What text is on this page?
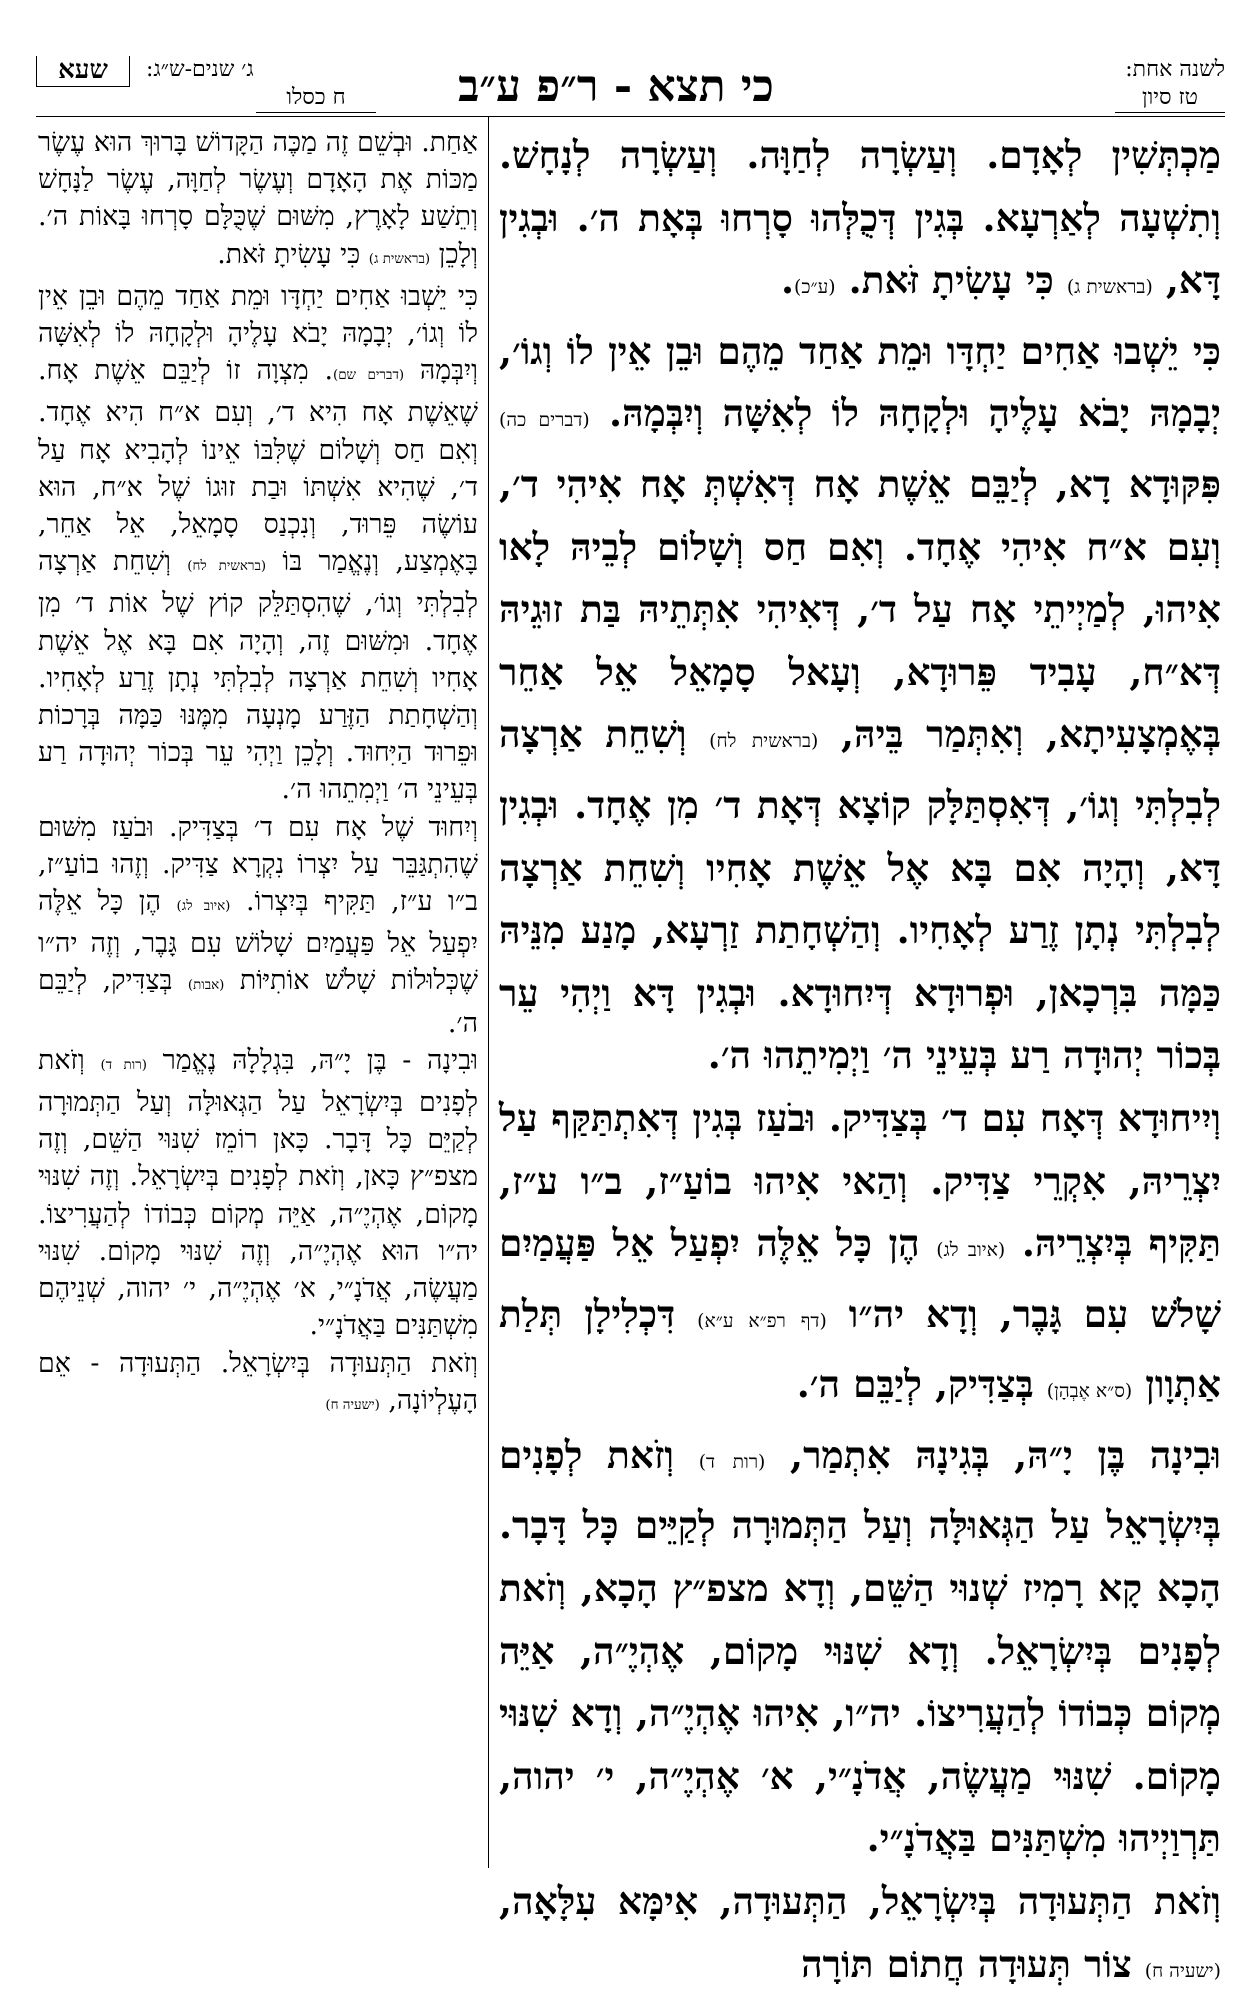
לשנה אחת:
טז סיון
כי תצא - ר״פ ע״ב
ג׳ שנים-ש״ג:
ח כסלו
שעא

מַכְתְּשִׁין לְאָדָם. וְעַשְׂרָה לְחַוָּה. וְעַשְׂרָה לְנָחָשׁ. וְתִשְׁעָה לְאַרְעָא. בְּגִין דְּכֻלְּהוּ סָרְחוּ בְּאָת ה׳. וּבְגִין דָּא, (בראשית ג) כִּי עָשִׂיתָ זֹּאת. (ע״כ).

כִּי יֵשְׁבוּ אַחִים יַחְדָּו וּמֵת אַחַד מֵהֶם וּבֵן אֵין לוֹ וְגוֹ׳, יְבָמָהּ יָבֹא עָלֶיהָ וּלְקָחָהּ לוֹ לְאִשָּׁה וְיִבְּמָהּ. (דברים כה) פִּקּוּדָא דָא, לְיַבֵּם אֵשֶׁת אָח דְּאִשְׁתְּ אָח אִיהִי ד׳, וְעִם א״ח אִיהִי אֶחָד. וְאִם חַס וְשָׁלוֹם לְבֵיהּ לָאו אִיהוּ, לְמַיְיתֵי אָח עַל ד׳, דְּאִיהִי אִתְּתֵיהּ בַּת זוּגֵיהּ דְּא״ח, עָבִיד פֵּרוּדָא, וְעָאל סָמָאֵל אֵל אַחֵר בְּאֶמְצָעִיתָא, וְאִתְּמַר בֵּיהּ, (בראשית לח) וְשִׁחֵת אַרְצָה לְבִלְתִּי וְגוֹ׳, דְּאִסְתַּלָּק קוֹצָא דְּאָת ד׳ מִן אֶחָד. וּבְגִין דָּא, וְהָיָה אִם בָּא אֶל אֵשֶׁת אָחִיו וְשִׁחֵת אַרְצָה לְבִלְתִּי נְתָן זֶרַע לְאָחִיו. וְהַשְׁחָתַת זַרְעָא, מָנַע מִנֵּיהּ כַּמָּה בִּרְכָאן, וּפְרוּדָא דְּיִחוּדָא. וּבְגִין דָּא וַיְהִי עֵר בְּכוֹר יְהוּדָה רַע בְּעֵינֵי ה׳ וַיְמִיתֵהוּ ה׳.

וְיִיחוּדָא דְּאָח עִם ד׳ בְּצַדִּיק. וּבֹעַז בְּגִין דְּאִתְתַּקַּף עַל יִצְרֵיהּ, אִקְרֵי צַדִּיק. וְהַאי אִיהוּ בוֹעַ״ז, ב״ו ע״ז, תַּקִּיף בְּיִצְרֵיהּ. (איוב לג) הֶן כָּל אֵלֶּה יִפְעַל אֵל פַּעֲמַיִם שָׁלֹשׁ עִם גָּבֶר, וְדָא יה״ו (דף רפ״א ע״א) דִּכְלִילָן תְּלַת אַתְוָון (ס״א אֶבְהָן) בְּצַדִּיק, לְיַבֵּם ה׳.

וּבִינָה בֶּן יָ״הּ, בְּגִינָהּ אִתְמַר, (רות ד) וְזֹאת לְפָנִים בְּיִשְׂרָאֵל עַל הַגְּאוּלָּה וְעַל הַתְּמוּרָה לְקַיֵּים כָּל דָּבָר. הָכָא קָא רָמִיז שְׁנוּי הַשֵּׁם, וְדָא מצפ״ץ הָכָא, וְזֹאת לְפָנִים בְּיִשְׂרָאֵל. וְדָא שִׁנּוּי מָקוֹם, אֶהְיֶ״ה, אַיֵּה מְקוֹם כְּבוֹדוֹ לְהַעֲרִיצוֹ. יה״ו, אִיהוּ אֶהְיֶ״ה, וְדָא שִׁנּוּי מָקוֹם. שִׁנּוּי מַעֲשֶׂה, אֲדֹנָ״י, א׳ אֶהְיֶ״ה, י׳ יהוה, תַּרְוַיְיהוּ מִשְׁתַּנִּים בַּאֲדֹנָ״י.

וְזֹאת הַתְּעוּדָה בְּיִשְׂרָאֵל, הַתְּעוּדָה, אִימָּא עִלָּאָה, (ישעיה ח) צוֹר תְּעוּדָה חֲתוֹם תּוֹרָה

אַחַת. וּבְשֵׁם זֶה מַכֶּה הַקָּדוֹשׁ בָּרוּךְ הוּא עֶשֶׂר מַכּוֹת אֶת הָאָדָם וְעֶשֶׂר לְחַוָּה, עֶשֶׂר לַנָּחָשׁ וְתֵשַׁע לָאָרֶץ, מִשּׁוּם שֶׁכֻּלָּם סָרְחוּ בָּאוֹת ה׳. וְלָכֵן (בראשית ג) כִּי עָשִׂיתָ זֹּאת.

כִּי יֵשְׁבוּ אַחִים יַחְדָּו וּמֵת אַחַד מֵהֶם וּבֵן אֵין לוֹ וְגוֹ׳, יְבָמָהּ יָבֹא עָלֶיהָ וּלְקָחָהּ לוֹ לְאִשָּׁה וְיִבְּמָהּ (דברים שם). מִצְוָה זוֹ לְיַבֵּם אֵשֶׁת אָח. שֶׁאֵשֶׁת אָח הִיא ד׳, וְעִם א״ח הִיא אֶחָד. וְאִם חַס וְשָׁלוֹם שֶׁלִּבּוֹ אֵינוֹ לְהָבִיא אָח עַל ד׳, שֶׁהִיא אִשְׁתּוֹ וּבַת זוּגוֹ שֶׁל א״ח, הוּא עוֹשֶׂה פֵּרוּד, וְנִכְנַס סָמָאֵל, אֵל אַחֵר, בָּאֶמְצַע, וְנֶאֱמַר בּוֹ (בראשית לח) וְשִׁחֵת אַרְצָה לְבִלְתִּי וְגוֹ׳, שֶׁהִסְתַּלֵּק קוֹץ שֶׁל אוֹת ד׳ מִן אֶחָד. וּמִשּׁוּם זֶה, וְהָיָה אִם בָּא אֶל אֵשֶׁת אָחִיו וְשִׁחֵת אַרְצָה לְבִלְתִּי נְתָן זֶרַע לְאָחִיו. וְהַשְׁחָתַת הַזֶּרַע מָנְעָה מִמֶּנּוּ כַּמָּה בְּרָכוֹת וּפֵרוּד הַיִּחוּד. וְלָכֵן וַיְהִי עֵר בְּכוֹר יְהוּדָה רַע בְּעֵינֵי ה׳ וַיְמִתֵהוּ ה׳.

וְיִחוּד שֶׁל אָח עִם ד׳ בְּצַדִּיק. וּבֹעַז מִשּׁוּם שֶׁהִתְגַּבֵּר עַל יִצְרוֹ נִקְרָא צַדִּיק. וְזֶהוּ בוֹעַ״ז, ב״ו ע״ז, תַּקִּיף בְּיִצְרוֹ. (איוב לג) הֶן כָּל אֵלֶּה יִפְעַל אֵל פַּעֲמַיִם שָׁלוֹשׁ עִם גָּבֶר, וְזֶה יה״ו שֶׁכְּלוּלוֹת שָׁלֹשׁ אוֹתִיּוֹת (אבות) בְּצַדִּיק, לְיַבֵּם ה׳.

וּבִינָה - בֶּן יָ״הּ, בִּגְלָלָהּ נֶאֱמַר (רות ד) וְזֹאת לְפָנִים בְּיִשְׂרָאֵל עַל הַגְּאוּלָּה וְעַל הַתְּמוּרָה לְקַיֵּם כָּל דָּבָר. כָּאן רוֹמֵז שִׁנּוּי הַשֵּׁם, וְזֶה מצפ״ץ כָּאן, וְזֹאת לְפָנִים בְּיִשְׂרָאֵל. וְזֶה שִׁנּוּי מָקוֹם, אֶהְיֶ״ה, אַיֵּה מְקוֹם כְּבוֹדוֹ לְהַעֲרִיצוֹ. יה״ו הוּא אֶהְיֶ״ה, וְזֶה שִׁנּוּי מָקוֹם. שִׁנּוּי מַעֲשֶׂה, אֲדֹנָ״י, א׳ אֶהְיֶ״ה, י׳ יהוה, שְׁנֵיהֶם מִשְׁתַּנִּים בַּאֲדֹנָ״י.

וְזֹאת הַתְּעוּדָה בְּיִשְׂרָאֵל. הַתְּעוּדָה - אֵם הָעֶלְיוֹנָה, (ישעיה ח)
